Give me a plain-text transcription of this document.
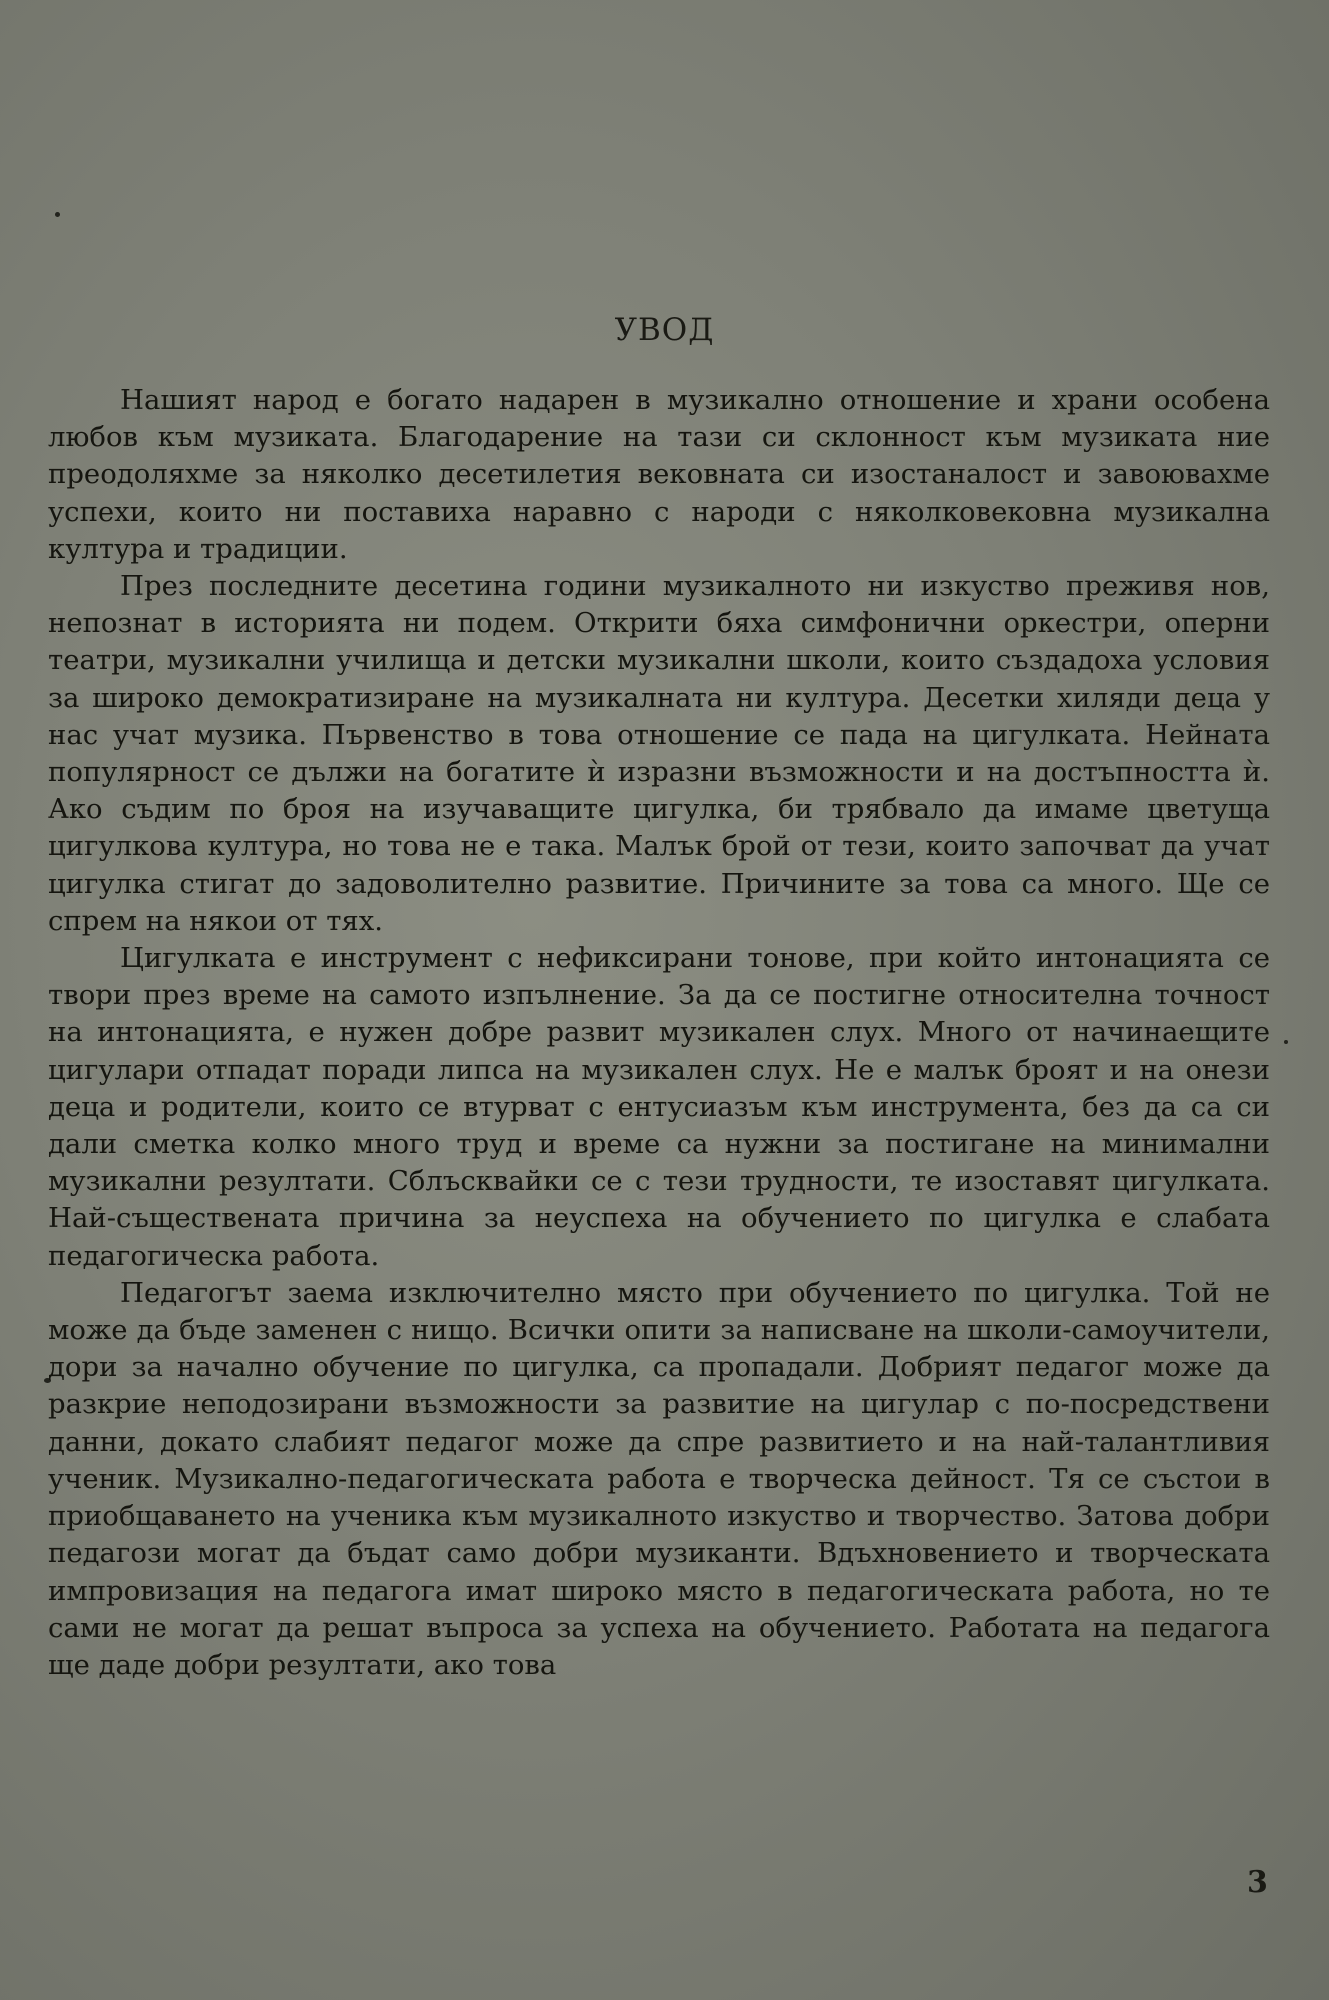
УВОД

Нашият народ е богато надарен в музикално отношение и храни особена любов към музиката. Благодарение на тази си склонност към музиката ние преодоляхме за няколко десетилетия вековната си изостаналост и завоювахме успехи, които ни поставиха наравно с народи с няколковековна музикална култура и традиции.

През последните десетина години музикалното ни изкуство преживя нов, непознат в историята ни подем. Открити бяха симфонични оркестри, оперни театри, музикални училища и детски музикални школи, които създадоха условия за широко демократизиране на музикалната ни култура. Десетки хиляди деца у нас учат музика. Първенство в това отношение се пада на цигулката. Нейната популярност се дължи на богатите ѝ изразни възможности и на достъпността ѝ. Ако съдим по броя на изучаващите цигулка, би трябвало да имаме цветуща цигулкова култура, но това не е така. Малък брой от тези, които започват да учат цигулка стигат до задоволително развитие. Причините за това са много. Ще се спрем на някои от тях.

Цигулката е инструмент с нефиксирани тонове, при който интонацията се твори през време на самото изпълнение. За да се постигне относителна точност на интонацията, е нужен добре развит музикален слух. Много от начинаещите цигулари отпадат поради липса на музикален слух. Не е малък броят и на онези деца и родители, които се втурват с ентусиазъм към инструмента, без да са си дали сметка колко много труд и време са нужни за постигане на минимални музикални резултати. Сблъсквайки се с тези трудности, те изоставят цигулката. Най-съществената причина за неуспеха на обучението по цигулка е слабата педагогическа работа.

Педагогът заема изключително място при обучението по цигулка. Той не може да бъде заменен с нищо. Всички опити за написване на школи-самоучители, дори за начално обучение по цигулка, са пропадали. Добрият педагог може да разкрие неподозирани възможности за развитие на цигулар с по-посредствени данни, докато слабият педагог може да спре развитието и на най-талантливия ученик. Музикално-педагогическата работа е творческа дейност. Тя се състои в приобщаването на ученика към музикалното изкуство и творчество. Затова добри педагози могат да бъдат само добри музиканти. Вдъхновението и творческата импровизация на педагога имат широко място в педагогическата работа, но те сами не могат да решат въпроса за успеха на обучението. Работата на педагога ще даде добри резултати, ако това

3
